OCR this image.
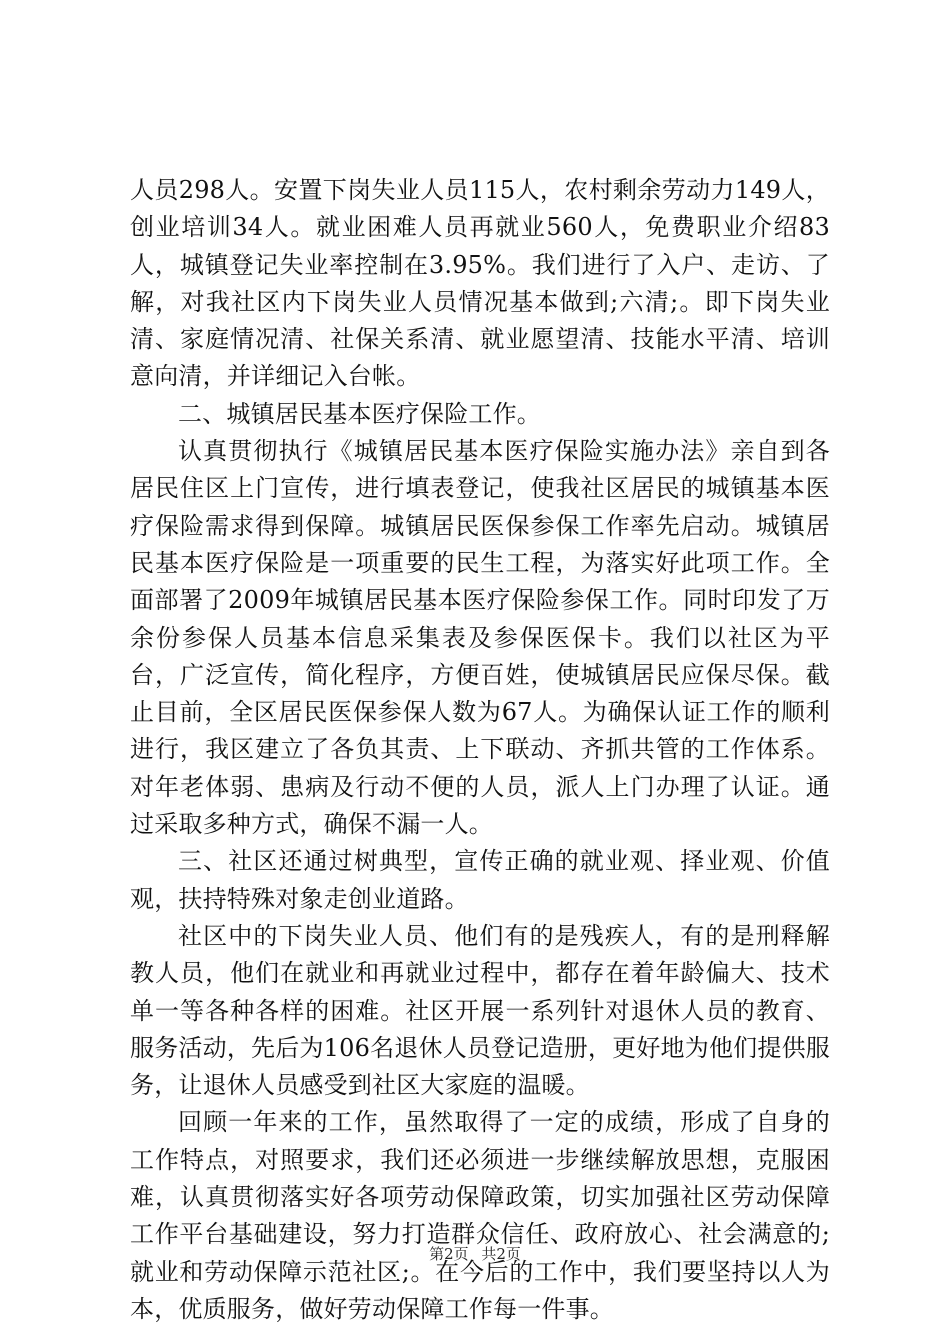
人员298人。安置下岗失业人员115人，农村剩余劳动力149人，创业培训34人。就业困难人员再就业560人，免费职业介绍83人，城镇登记失业率控制在3.95%。我们进行了入户、走访、了解，对我社区内下岗失业人员情况基本做到;六清;。即下岗失业清、家庭情况清、社保关系清、就业愿望清、技能水平清、培训意向清，并详细记入台帐。

二、城镇居民基本医疗保险工作。

认真贯彻执行《城镇居民基本医疗保险实施办法》亲自到各居民住区上门宣传，进行填表登记，使我社区居民的城镇基本医疗保险需求得到保障。城镇居民医保参保工作率先启动。城镇居民基本医疗保险是一项重要的民生工程，为落实好此项工作。全面部署了2009年城镇居民基本医疗保险参保工作。同时印发了万余份参保人员基本信息采集表及参保医保卡。我们以社区为平台，广泛宣传，简化程序，方便百姓，使城镇居民应保尽保。截止目前，全区居民医保参保人数为67人。为确保认证工作的顺利进行，我区建立了各负其责、上下联动、齐抓共管的工作体系。对年老体弱、患病及行动不便的人员，派人上门办理了认证。通过采取多种方式，确保不漏一人。

三、社区还通过树典型，宣传正确的就业观、择业观、价值观，扶持特殊对象走创业道路。

社区中的下岗失业人员、他们有的是残疾人，有的是刑释解教人员，他们在就业和再就业过程中，都存在着年龄偏大、技术单一等各种各样的困难。社区开展一系列针对退休人员的教育、服务活动，先后为106名退休人员登记造册，更好地为他们提供服务，让退休人员感受到社区大家庭的温暖。

回顾一年来的工作，虽然取得了一定的成绩，形成了自身的工作特点，对照要求，我们还必须进一步继续解放思想，克服困难，认真贯彻落实好各项劳动保障政策，切实加强社区劳动保障工作平台基础建设，努力打造群众信任、政府放心、社会满意的;就业和劳动保障示范社区;。在今后的工作中，我们要坚持以人为本，优质服务，做好劳动保障工作每一件事。

第2页 共2页
